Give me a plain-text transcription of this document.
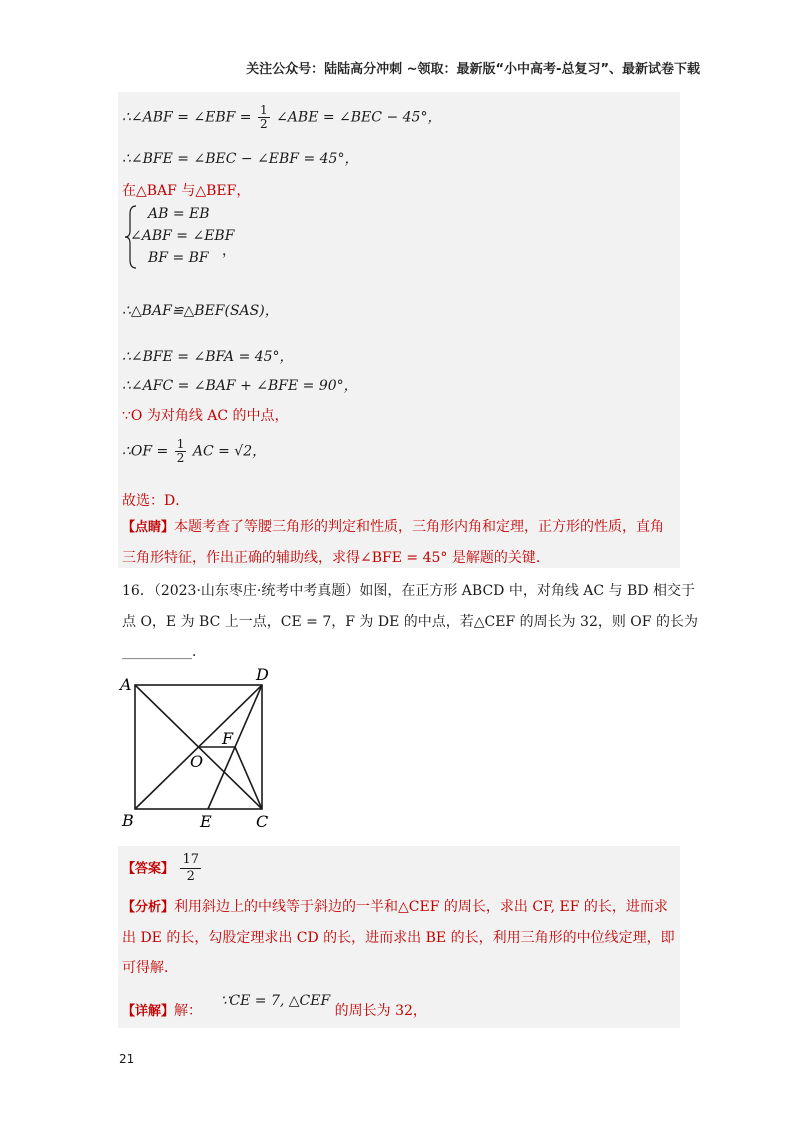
关注公众号：陆陆高分冲刺 ~领取：最新版“小中高考-总复习”、最新试卷下载
∴∠ABF = ∠EBF = $\frac{1}{2}$ ∠ABE = ∠BEC − 45°，
∴∠BFE = ∠BEC − ∠EBF = 45°，
在△BAF 与△BEF，
AB = EB
∠ABF = ∠EBF
BF = BF ，
∴△BAF≌△BEF(SAS)，
∴∠BFE = ∠BFA = 45°，
∴∠AFC = ∠BAF + ∠BFE = 90°，
∵O 为对角线 AC 的中点，
∴OF = $\frac{1}{2}$ AC = √2，
故选：D．
【点睛】本题考查了等腰三角形的判定和性质，三角形内角和定理，正方形的性质，直角三角形特征，作出正确的辅助线，求得∠BFE = 45° 是解题的关键．
16．（2023·山东枣庄·统考中考真题）如图，在正方形 ABCD 中，对角线 AC 与 BD 相交于
点 O，E 为 BC 上一点，CE = 7，F 为 DE 的中点，若△CEF 的周长为 32，则 OF 的长为
__________．
A
D
B	E	C
F
O
【答案】 $\frac{17}{2}$
【分析】利用斜边上的中线等于斜边的一半和△CEF 的周长，求出 CF, EF 的长，进而求出 DE 的长，勾股定理求出 CD 的长，进而求出 BE 的长，利用三角形的中位线定理，即可得解．
【详解】解： ∵CE = 7, △CEF 的周长为 32，
21
